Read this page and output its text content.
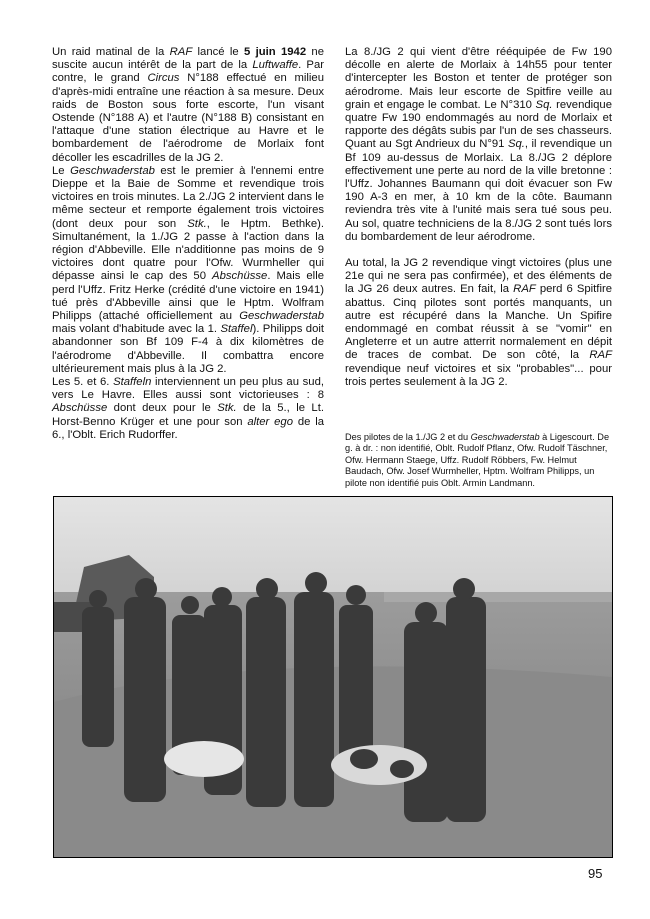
Un raid matinal de la RAF lancé le 5 juin 1942 ne suscite aucun intérêt de la part de la Luftwaffe. Par contre, le grand Circus N°188 effectué en milieu d'après-midi entraîne une réaction à sa mesure. Deux raids de Boston sous forte escorte, l'un visant Ostende (N°188 A) et l'autre (N°188 B) consistant en l'attaque d'une station électrique au Havre et le bombardement de l'aérodrome de Morlaix font décoller les escadrilles de la JG 2.

Le Geschwaderstab est le premier à l'ennemi entre Dieppe et la Baie de Somme et revendique trois victoires en trois minutes. La 2./JG 2 intervient dans le même secteur et remporte également trois victoires (dont deux pour son Stk., le Hptm. Bethke). Simultanément, la 1./JG 2 passe à l'action dans la région d'Abbeville. Elle n'additionne pas moins de 9 victoires dont quatre pour l'Ofw. Wurmheller qui dépasse ainsi le cap des 50 Abschüsse. Mais elle perd l'Uffz. Fritz Herke (crédité d'une victoire en 1941) tué près d'Abbeville ainsi que le Hptm. Wolfram Philipps (attaché officiellement au Geschwaderstab mais volant d'habitude avec la 1. Staffel). Philipps doit abandonner son Bf 109 F-4 à dix kilomètres de l'aérodrome d'Abbeville. Il combattra encore ultérieurement mais plus à la JG 2.

Les 5. et 6. Staffeln interviennent un peu plus au sud, vers Le Havre. Elles aussi sont victorieuses : 8 Abschüsse dont deux pour le Stk. de la 5., le Lt. Horst-Benno Krüger et une pour son alter ego de la 6., l'Oblt. Erich Rudorffer.

La 8./JG 2 qui vient d'être rééquipée de Fw 190 décolle en alerte de Morlaix à 14h55 pour tenter d'intercepter les Boston et tenter de protéger son aérodrome. Mais leur escorte de Spitfire veille au grain et engage le combat. Le N°310 Sq. revendique quatre Fw 190 endommagés au nord de Morlaix et rapporte des dégâts subis par l'un de ses chasseurs. Quant au Sgt Andrieux du N°91 Sq., il revendique un Bf 109 au-dessus de Morlaix. La 8./JG 2 déplore effectivement une perte au nord de la ville bretonne : l'Uffz. Johannes Baumann qui doit évacuer son Fw 190 A-3 en mer, à 10 km de la côte. Baumann reviendra très vite à l'unité mais sera tué sous peu. Au sol, quatre techniciens de la 8./JG 2 sont tués lors du bombardement de leur aérodrome.

Au total, la JG 2 revendique vingt victoires (plus une 21e qui ne sera pas confirmée), et des éléments de la JG 26 deux autres. En fait, la RAF perd 6 Spitfire abattus. Cinq pilotes sont portés manquants, un autre est récupéré dans la Manche. Un Spifire endommagé en combat réussit à se "vomir" en Angleterre et un autre atterrit normalement en dépit de traces de combat. De son côté, la RAF revendique neuf victoires et six "probables"... pour trois pertes seulement à la JG 2.

Des pilotes de la 1./JG 2 et du Geschwaderstab à Ligescourt. De g. à dr. : non identifié, Oblt. Rudolf Pflanz, Ofw. Rudolf Täschner, Ofw. Hermann Staege, Uffz. Rudolf Röbbers, Fw. Helmut Baudach, Ofw. Josef Wurmheller, Hptm. Wolfram Philipps, un pilote non identifié puis Oblt. Armin Landmann.
95
